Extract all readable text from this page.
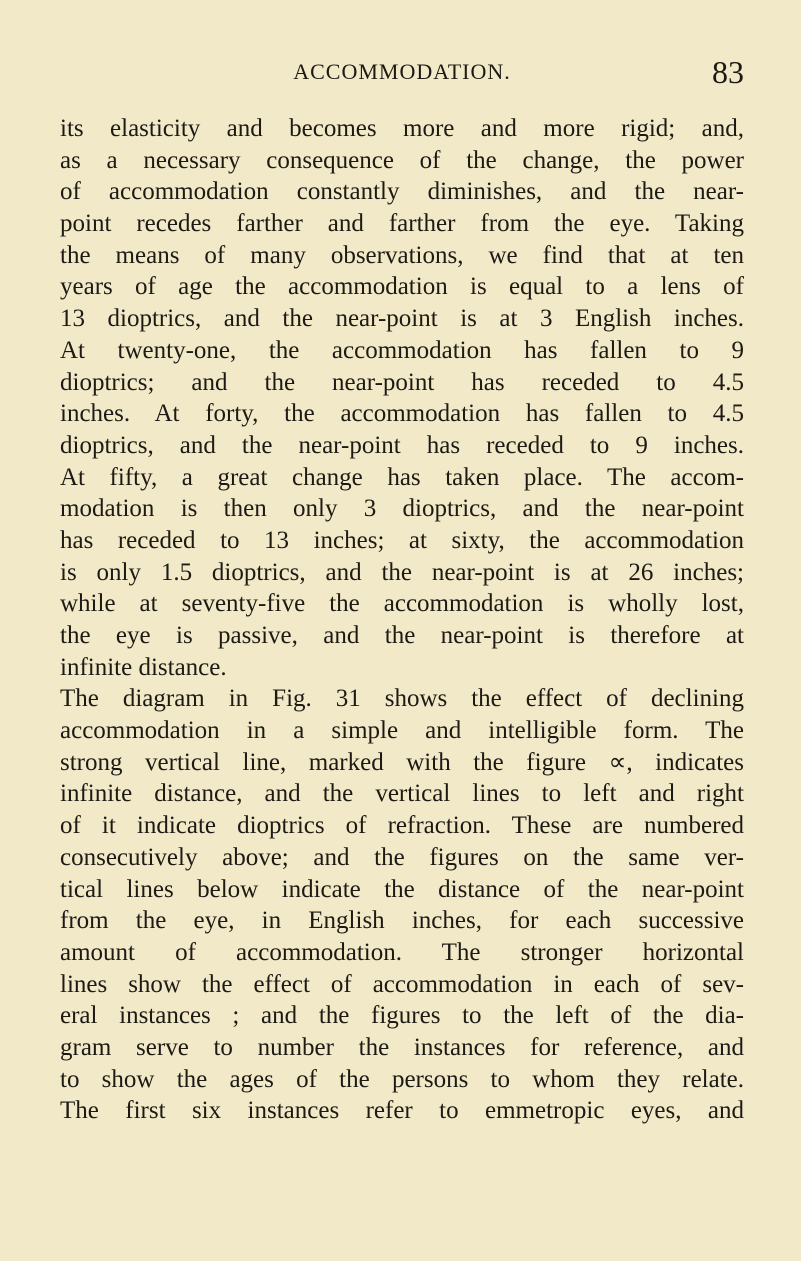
ACCOMMODATION.	83
its elasticity and becomes more and more rigid; and,
as a necessary consequence of the change, the power
of accommodation constantly diminishes, and the near-
point recedes farther and farther from the eye. Taking
the means of many observations, we find that at ten
years of age the accommodation is equal to a lens of
13 dioptrics, and the near-point is at 3 English inches.
At twenty-one, the accommodation has fallen to 9
dioptrics; and the near-point has receded to 4.5
inches. At forty, the accommodation has fallen to 4.5
dioptrics, and the near-point has receded to 9 inches.
At fifty, a great change has taken place. The accom-
modation is then only 3 dioptrics, and the near-point
has receded to 13 inches; at sixty, the accommodation
is only 1.5 dioptrics, and the near-point is at 26 inches;
while at seventy-five the accommodation is wholly lost,
the eye is passive, and the near-point is therefore at
infinite distance.
The diagram in Fig. 31 shows the effect of declining
accommodation in a simple and intelligible form. The
strong vertical line, marked with the figure ∝, indicates
infinite distance, and the vertical lines to left and right
of it indicate dioptrics of refraction. These are numbered
consecutively above; and the figures on the same ver-
tical lines below indicate the distance of the near-point
from the eye, in English inches, for each successive
amount of accommodation. The stronger horizontal
lines show the effect of accommodation in each of sev-
eral instances ; and the figures to the left of the dia-
gram serve to number the instances for reference, and
to show the ages of the persons to whom they relate.
The first six instances refer to emmetropic eyes, and
